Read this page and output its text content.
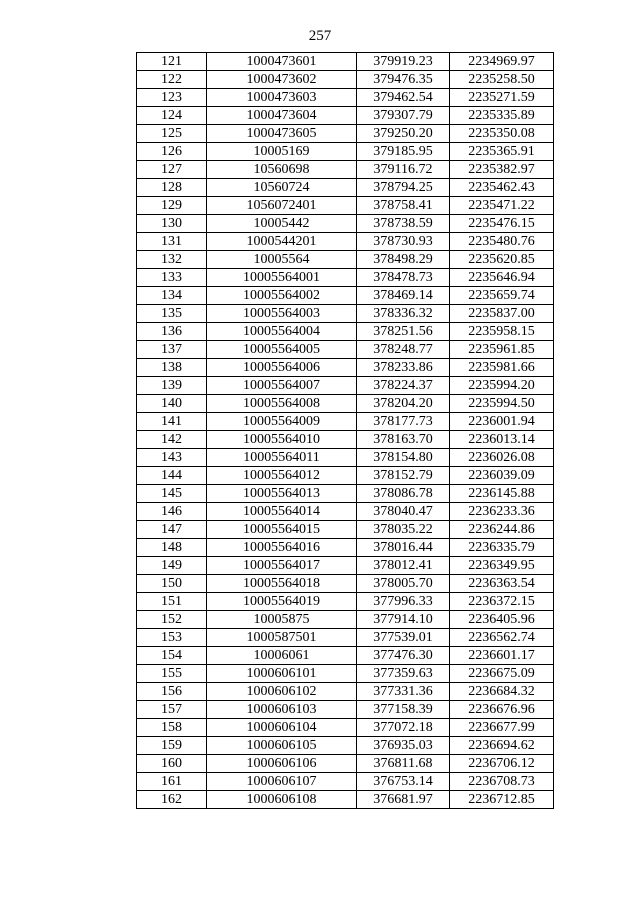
257
121	1000473601	379919.23	2234969.97
122	1000473602	379476.35	2235258.50
123	1000473603	379462.54	2235271.59
124	1000473604	379307.79	2235335.89
125	1000473605	379250.20	2235350.08
126	10005169	379185.95	2235365.91
127	10560698	379116.72	2235382.97
128	10560724	378794.25	2235462.43
129	1056072401	378758.41	2235471.22
130	10005442	378738.59	2235476.15
131	1000544201	378730.93	2235480.76
132	10005564	378498.29	2235620.85
133	10005564001	378478.73	2235646.94
134	10005564002	378469.14	2235659.74
135	10005564003	378336.32	2235837.00
136	10005564004	378251.56	2235958.15
137	10005564005	378248.77	2235961.85
138	10005564006	378233.86	2235981.66
139	10005564007	378224.37	2235994.20
140	10005564008	378204.20	2235994.50
141	10005564009	378177.73	2236001.94
142	10005564010	378163.70	2236013.14
143	10005564011	378154.80	2236026.08
144	10005564012	378152.79	2236039.09
145	10005564013	378086.78	2236145.88
146	10005564014	378040.47	2236233.36
147	10005564015	378035.22	2236244.86
148	10005564016	378016.44	2236335.79
149	10005564017	378012.41	2236349.95
150	10005564018	378005.70	2236363.54
151	10005564019	377996.33	2236372.15
152	10005875	377914.10	2236405.96
153	1000587501	377539.01	2236562.74
154	10006061	377476.30	2236601.17
155	1000606101	377359.63	2236675.09
156	1000606102	377331.36	2236684.32
157	1000606103	377158.39	2236676.96
158	1000606104	377072.18	2236677.99
159	1000606105	376935.03	2236694.62
160	1000606106	376811.68	2236706.12
161	1000606107	376753.14	2236708.73
162	1000606108	376681.97	2236712.85
